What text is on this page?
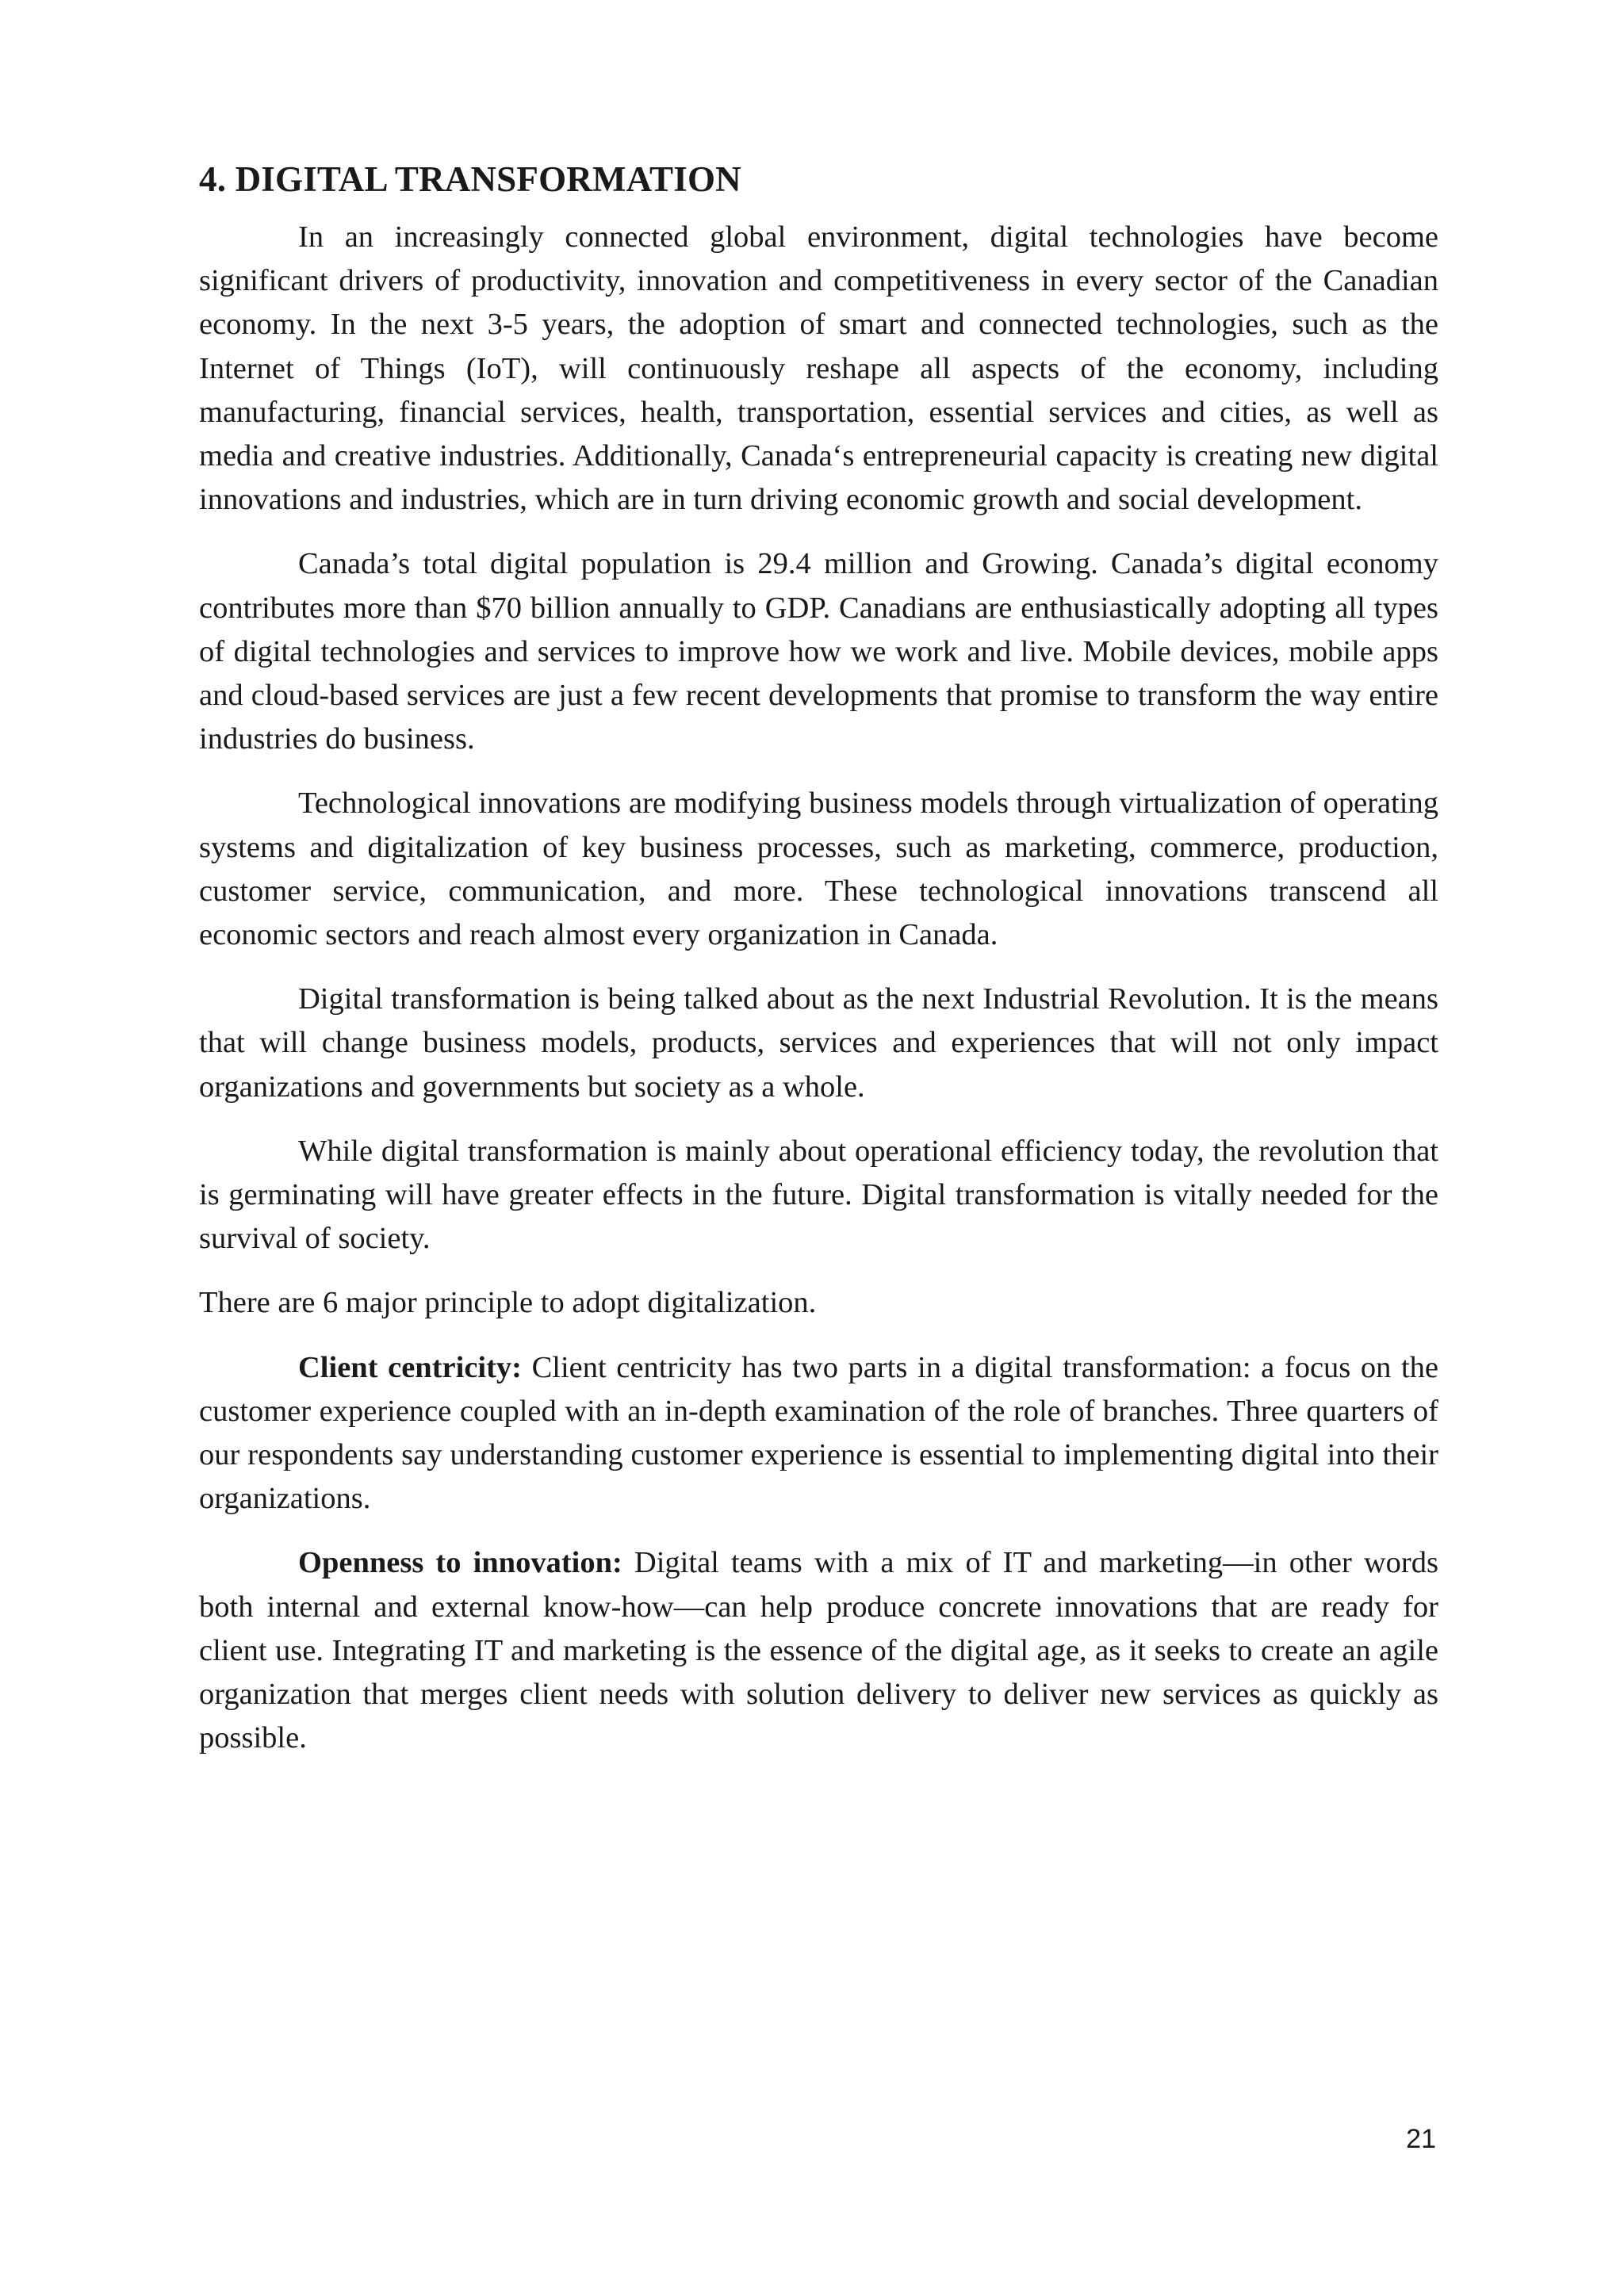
4. DIGITAL TRANSFORMATION

In an increasingly connected global environment, digital technologies have become significant drivers of productivity, innovation and competitiveness in every sector of the Canadian economy. In the next 3-5 years, the adoption of smart and connected technologies, such as the Internet of Things (IoT), will continuously reshape all aspects of the economy, including manufacturing, financial services, health, transportation, essential services and cities, as well as media and creative industries. Additionally, Canada‘s entrepreneurial capacity is creating new digital innovations and industries, which are in turn driving economic growth and social development.

Canada’s total digital population is 29.4 million and Growing. Canada’s digital economy contributes more than $70 billion annually to GDP. Canadians are enthusiastically adopting all types of digital technologies and services to improve how we work and live. Mobile devices, mobile apps and cloud-based services are just a few recent developments that promise to transform the way entire industries do business.

Technological innovations are modifying business models through virtualization of operating systems and digitalization of key business processes, such as marketing, commerce, production, customer service, communication, and more. These technological innovations transcend all economic sectors and reach almost every organization in Canada.

Digital transformation is being talked about as the next Industrial Revolution. It is the means that will change business models, products, services and experiences that will not only impact organizations and governments but society as a whole.

While digital transformation is mainly about operational efficiency today, the revolution that is germinating will have greater effects in the future. Digital transformation is vitally needed for the survival of society.

There are 6 major principle to adopt digitalization.

Client centricity: Client centricity has two parts in a digital transformation: a focus on the customer experience coupled with an in-depth examination of the role of branches. Three quarters of our respondents say understanding customer experience is essential to implementing digital into their organizations.

Openness to innovation: Digital teams with a mix of IT and marketing—in other words both internal and external know-how—can help produce concrete innovations that are ready for client use. Integrating IT and marketing is the essence of the digital age, as it seeks to create an agile organization that merges client needs with solution delivery to deliver new services as quickly as possible.

21
